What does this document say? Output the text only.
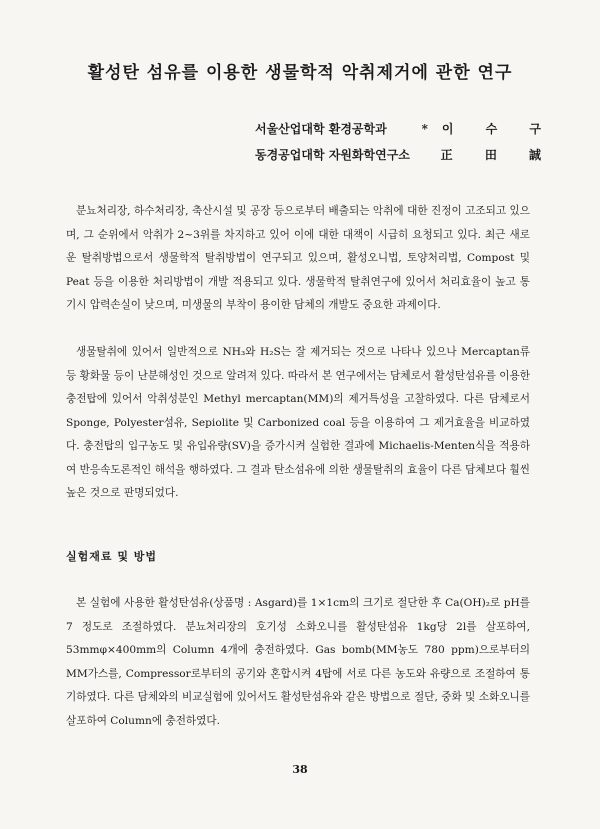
활성탄 섬유를 이용한 생물학적 악취제거에 관한 연구
서울산업대학 환경공학과	*이 수 구
동경공업대학 자원화학연구소	正 田 誠

분뇨처리장, 하수처리장, 축산시설 및 공장 등으로부터 배출되는 악취에 대한 진정이 고조되고 있으며, 그 순위에서 악취가 2~3위를 차지하고 있어 이에 대한 대책이 시급히 요청되고 있다. 최근 새로운 탈취방법으로서 생물학적 탈취방법이 연구되고 있으며, 활성오니법, 토양처리법, Compost 및 Peat 등을 이용한 처리방법이 개발 적용되고 있다. 생물학적 탈취연구에 있어서 처리효율이 높고 통기시 압력손실이 낮으며, 미생물의 부착이 용이한 담체의 개발도 중요한 과제이다.

생물탈취에 있어서 일반적으로 NH₃와 H₂S는 잘 제거되는 것으로 나타나 있으나 Mercaptan류 등 황화물 등이 난분해성인 것으로 알려져 있다. 따라서 본 연구에서는 담체로서 활성탄섬유를 이용한 충전탑에 있어서 악취성분인 Methyl mercaptan(MM)의 제거특성을 고찰하였다. 다른 담체로서 Sponge, Polyester섬유, Sepiolite 및 Carbonized coal 등을 이용하여 그 제거효율을 비교하였다. 충전탑의 입구농도 및 유입유량(SV)을 증가시켜 실험한 결과에 Michaelis-Menten식을 적용하여 반응속도론적인 해석을 행하였다. 그 결과 탄소섬유에 의한 생물탈취의 효율이 다른 담체보다 훨씬 높은 것으로 판명되었다.

실험재료 및 방법

본 실험에 사용한 활성탄섬유(상품명 : Asgard)를 1×1cm의 크기로 절단한 후 Ca(OH)₂로 pH를 7 정도로 조절하였다. 분뇨처리장의 호기성 소화오니를 활성탄섬유 1kg당 2l를 살포하여, 53mmφ×400mm의 Column 4개에 충전하였다. Gas bomb(MM농도 780 ppm)으로부터의 MM가스를, Compressor로부터의 공기와 혼합시켜 4탑에 서로 다른 농도와 유량으로 조절하여 통기하였다. 다른 담체와의 비교실험에 있어서도 활성탄섬유와 같은 방법으로 절단, 중화 및 소화오니를 살포하여 Column에 충전하였다.

38
